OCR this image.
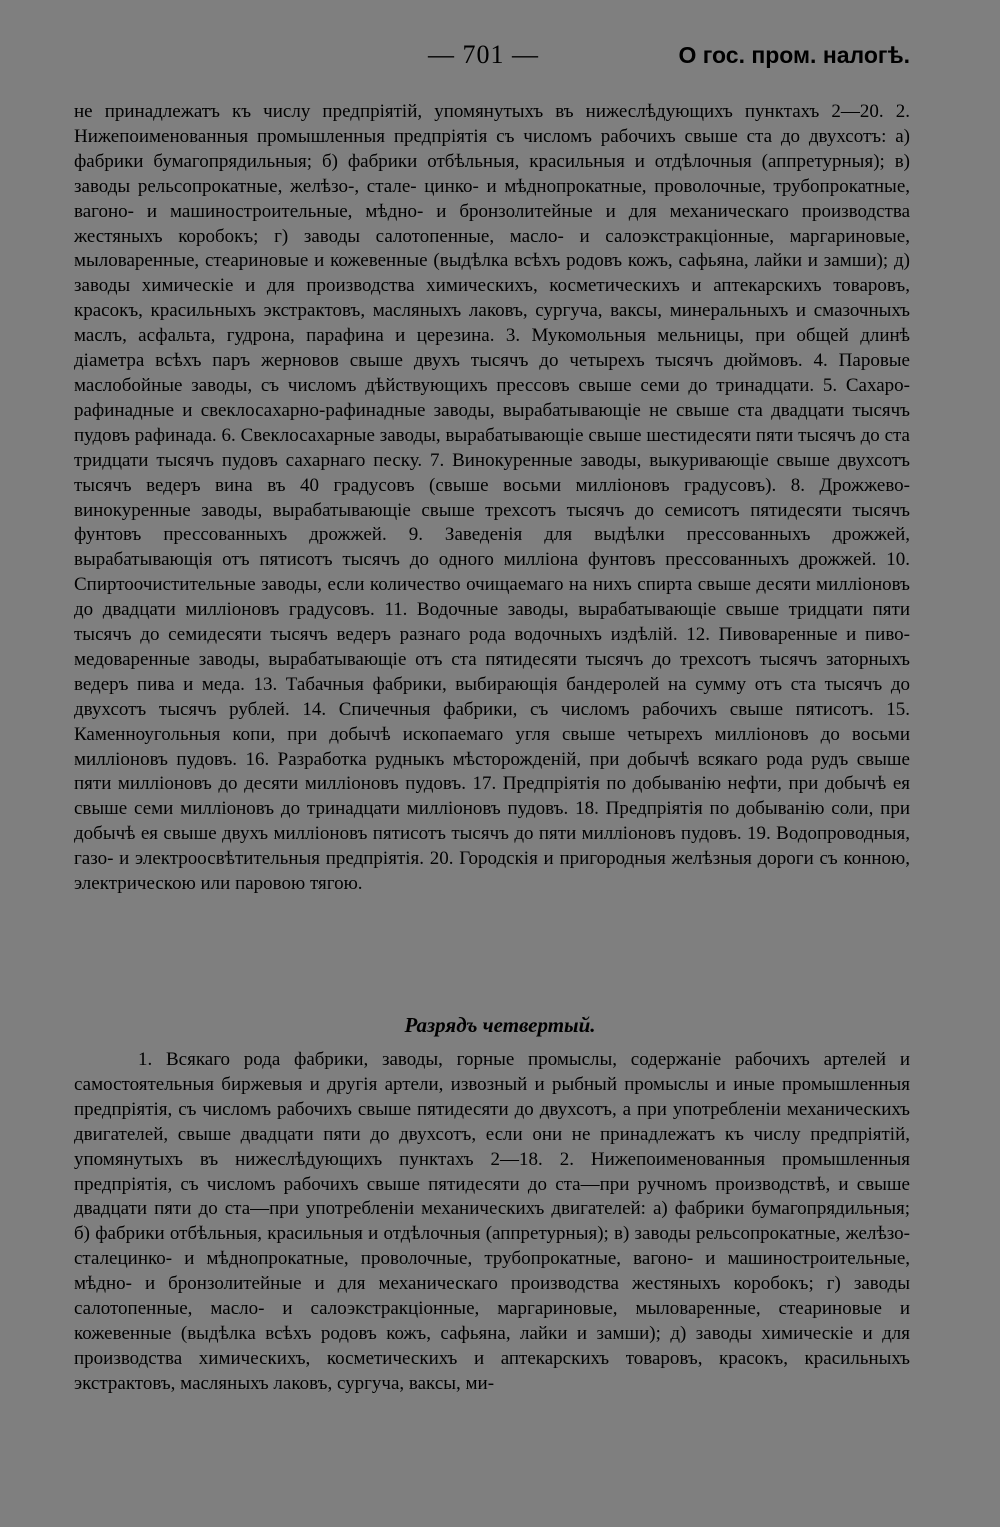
— 701 —	О гос. пром. налогѣ.

не принадлежатъ къ числу предпріятій, упомянутыхъ въ нижеслѣдующихъ пунктахъ 2—20. 2. Нижепоименованныя промышленныя предпріятія съ числомъ рабочихъ свыше ста до двухсотъ: а) фабрики бумагопрядильныя; б) фабрики отбѣльныя, красильныя и отдѣлочныя (аппретурныя); в) заводы рельсопрокатные, желѣзо-, стале- цинко- и мѣднопрокатные, проволочные, трубопрокатные, вагоно- и машиностроительные, мѣдно- и бронзолитейные и для механическаго производства жестяныхъ коробокъ; г) заводы салотопенные, масло- и салоэкстракціонные, маргариновые, мыловаренные, стеариновые и кожевенные (выдѣлка всѣхъ родовъ кожъ, сафьяна, лайки и замши); д) заводы химическіе и для производства химическихъ, косметическихъ и аптекарскихъ товаровъ, красокъ, красильныхъ экстрактовъ, масляныхъ лаковъ, сургуча, ваксы, минеральныхъ и смазочныхъ маслъ, асфальта, гудрона, парафина и церезина. 3. Мукомольныя мельницы, при общей длинѣ діаметра всѣхъ паръ жерновов свыше двухъ тысячъ до четырехъ тысячъ дюймовъ. 4. Паровые маслобойные заводы, съ числомъ дѣйствующихъ прессовъ свыше семи до тринадцати. 5. Сахаро-рафинадные и свеклосахарно-рафинадные заводы, вырабатывающіе не свыше ста двадцати тысячъ пудовъ рафинада. 6. Свеклосахарные заводы, вырабатывающіе свыше шестидесяти пяти тысячъ до ста тридцати тысячъ пудовъ сахарнаго песку. 7. Винокуренные заводы, выкуривающіе свыше двухсотъ тысячъ ведеръ вина въ 40 градусовъ (свыше восьми милліоновъ градусовъ). 8. Дрожжево-винокуренные заводы, вырабатывающіе свыше трехсотъ тысячъ до семисотъ пятидесяти тысячъ фунтовъ прессованныхъ дрожжей. 9. Заведенія для выдѣлки прессованныхъ дрожжей, вырабатывающія отъ пятисотъ тысячъ до одного милліона фунтовъ прессованныхъ дрожжей. 10. Спиртоочистительные заводы, если количество очищаемаго на нихъ спирта свыше десяти милліоновъ до двадцати милліоновъ градусовъ. 11. Водочные заводы, вырабатывающіе свыше тридцати пяти тысячъ до семидесяти тысячъ ведеръ разнаго рода водочныхъ издѣлій. 12. Пивоваренные и пиво-медоваренные заводы, вырабатывающіе отъ ста пятидесяти тысячъ до трехсотъ тысячъ заторныхъ ведеръ пива и меда. 13. Табачныя фабрики, выбирающія бандеролей на сумму отъ ста тысячъ до двухсотъ тысячъ рублей. 14. Спичечныя фабрики, съ числомъ рабочихъ свыше пятисотъ. 15. Каменноугольныя копи, при добычѣ ископаемаго угля свыше четырехъ милліоновъ до восьми милліоновъ пудовъ. 16. Разработка рудныкъ мѣсторожденій, при добычѣ всякаго рода рудъ свыше пяти милліоновъ до десяти милліоновъ пудовъ. 17. Предпріятія по добыванію нефти, при добычѣ ея свыше семи милліоновъ до тринадцати милліоновъ пудовъ. 18. Предпріятія по добыванію соли, при добычѣ ея свыше двухъ милліоновъ пятисотъ тысячъ до пяти милліоновъ пудовъ. 19. Водопроводныя, газо- и электроосвѣтительныя предпріятія. 20. Городскія и пригородныя желѣзныя дороги съ конною, электрическою или паровою тягою.

Разрядъ четвертый.

1. Всякаго рода фабрики, заводы, горные промыслы, содержаніе рабочихъ артелей и самостоятельныя биржевыя и другія артели, извозный и рыбный промыслы и иные промышленныя предпріятія, съ числомъ рабочихъ свыше пятидесяти до двухсотъ, а при употребленіи механическихъ двигателей, свыше двадцати пяти до двухсотъ, если они не принадлежатъ къ числу предпріятій, упомянутыхъ въ нижеслѣдующихъ пунктахъ 2—18. 2. Нижепоименованныя промышленныя предпріятія, съ числомъ рабочихъ свыше пятидесяти до ста—при ручномъ производствѣ, и свыше двадцати пяти до ста—при употребленіи механическихъ двигателей: а) фабрики бумагопрядильныя; б) фабрики отбѣльныя, красильныя и отдѣлочныя (аппретурныя); в) заводы рельсопрокатные, желѣзо-сталецинко- и мѣднопрокатные, проволочные, трубопрокатные, вагоно- и машиностроительные, мѣдно- и бронзолитейные и для механическаго производства жестяныхъ коробокъ; г) заводы салотопенные, масло- и салоэкстракціонные, маргариновые, мыловаренные, стеариновые и кожевенные (выдѣлка всѣхъ родовъ кожъ, сафьяна, лайки и замши); д) заводы химическіе и для производства химическихъ, косметическихъ и аптекарскихъ товаровъ, красокъ, красильныхъ экстрактовъ, масляныхъ лаковъ, сургуча, ваксы, ми-
